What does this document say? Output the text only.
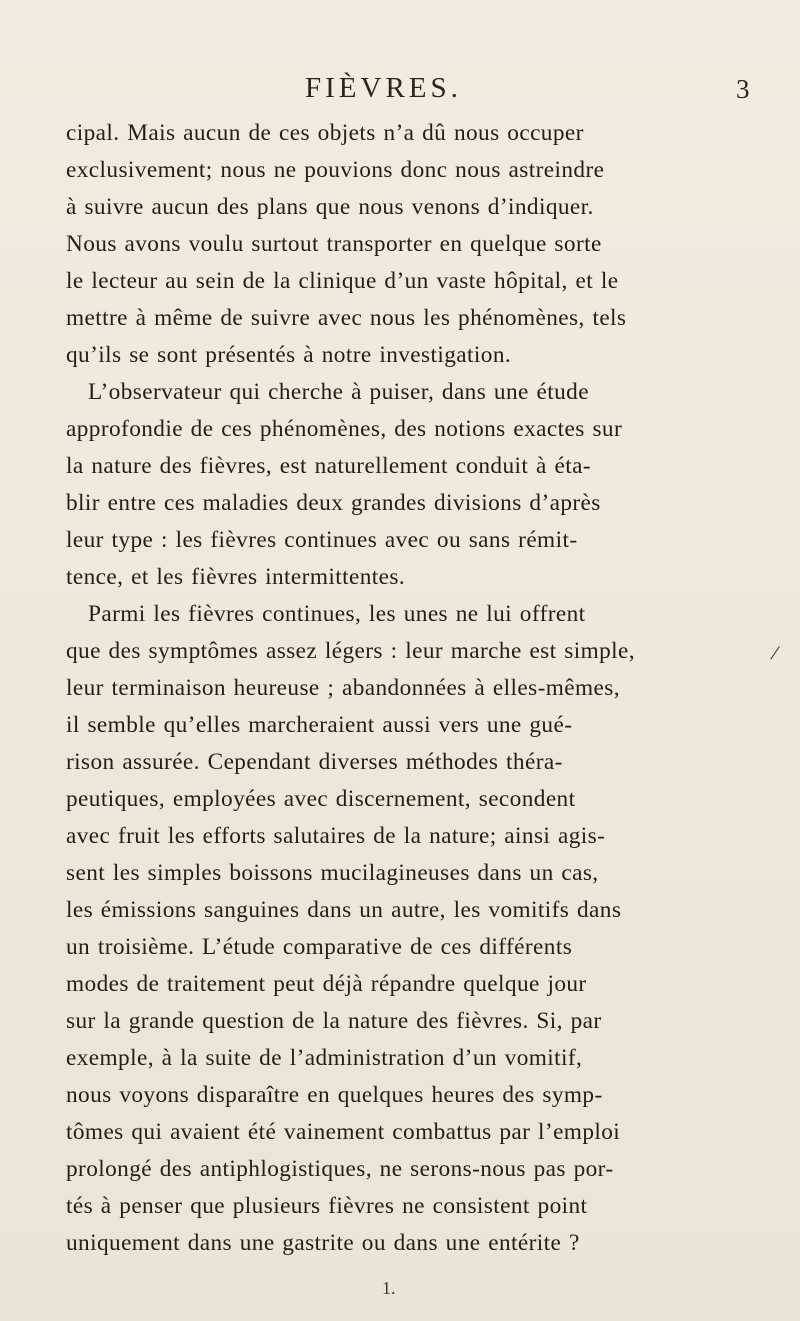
FIÈVRES.	3
cipal. Mais aucun de ces objets n’a dû nous occuper
exclusivement; nous ne pouvions donc nous astreindre
à suivre aucun des plans que nous venons d’indiquer.
Nous avons voulu surtout transporter en quelque sorte
le lecteur au sein de la clinique d’un vaste hôpital, et le
mettre à même de suivre avec nous les phénomènes, tels
qu’ils se sont présentés à notre investigation.
L’observateur qui cherche à puiser, dans une étude
approfondie de ces phénomènes, des notions exactes sur
la nature des fièvres, est naturellement conduit à éta-
blir entre ces maladies deux grandes divisions d’après
leur type : les fièvres continues avec ou sans rémit-
tence, et les fièvres intermittentes.
Parmi les fièvres continues, les unes ne lui offrent
que des symptômes assez légers : leur marche est simple,
leur terminaison heureuse ; abandonnées à elles-mêmes,
il semble qu’elles marcheraient aussi vers une gué-
rison assurée. Cependant diverses méthodes théra-
peutiques, employées avec discernement, secondent
avec fruit les efforts salutaires de la nature; ainsi agis-
sent les simples boissons mucilagineuses dans un cas,
les émissions sanguines dans un autre, les vomitifs dans
un troisième. L’étude comparative de ces différents
modes de traitement peut déjà répandre quelque jour
sur la grande question de la nature des fièvres. Si, par
exemple, à la suite de l’administration d’un vomitif,
nous voyons disparaître en quelques heures des symp-
tômes qui avaient été vainement combattus par l’emploi
prolongé des antiphlogistiques, ne serons-nous pas por-
tés à penser que plusieurs fièvres ne consistent point
uniquement dans une gastrite ou dans une entérite ?
/
1.
